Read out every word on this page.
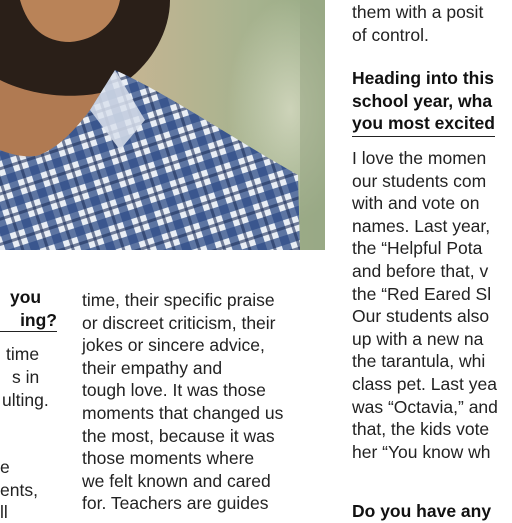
them with a posit
of control.
Heading into this
school year, wha
you most excited
I love the momen
our students com
with and vote on
names. Last year,
the “Helpful Pota
and before that, v
the “Red Eared Sl
Our students also
up with a new na
the tarantula, whi
class pet. Last yea
was “Octavia,” and
that, the kids vote
her “You know wh
Do you have any
you
ing?
time
s in
ulting.
e
ents,
ll
time, their specific praise
or discreet criticism, their
jokes or sincere advice,
their empathy and
tough love. It was those
moments that changed us
the most, because it was
those moments where
we felt known and cared
for. Teachers are guides
